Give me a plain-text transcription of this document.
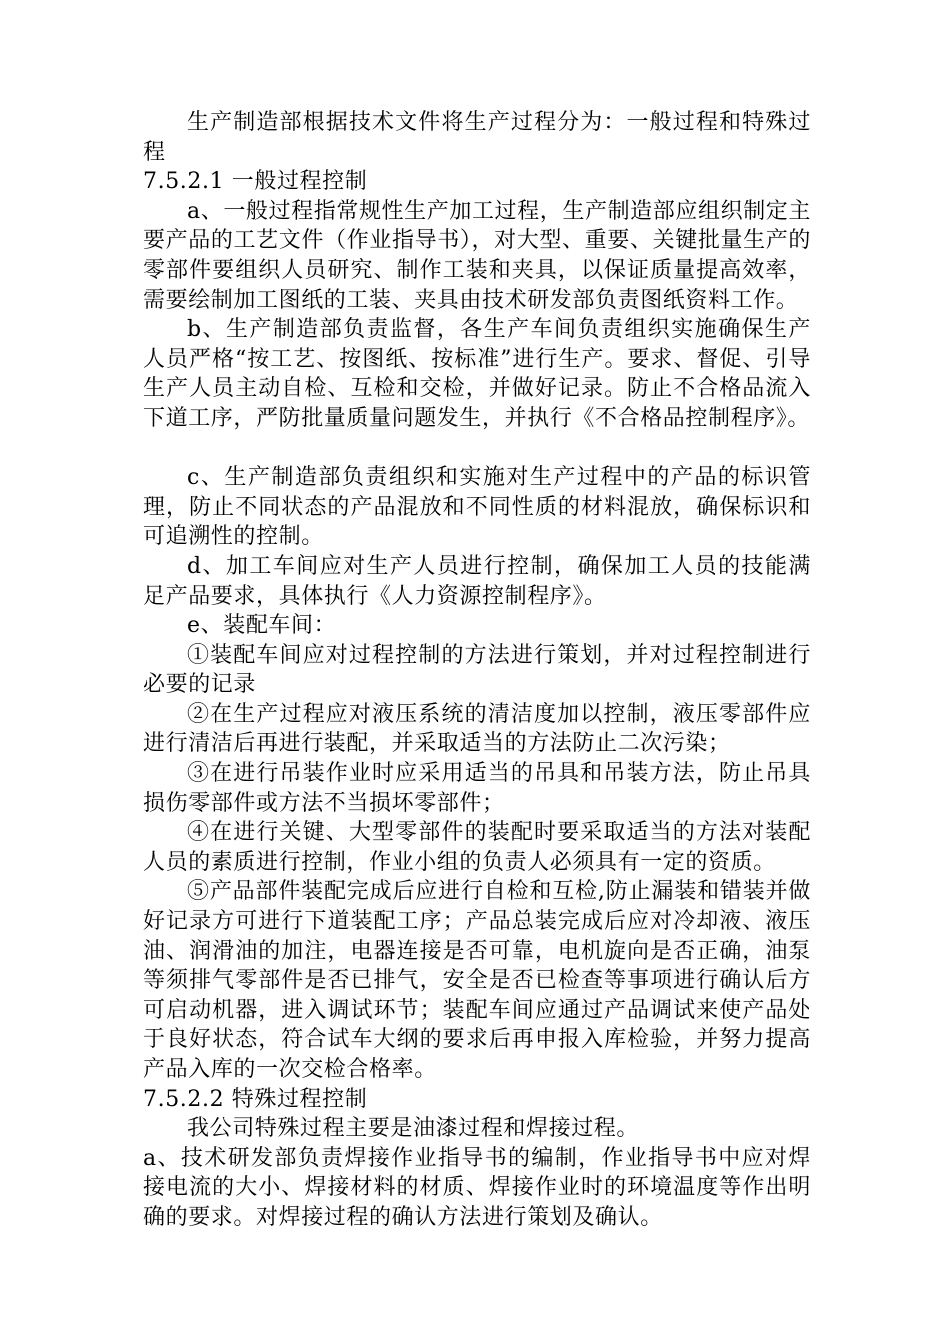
生产制造部根据技术文件将生产过程分为：一般过程和特殊过程

7.5.2.1 一般过程控制

a、一般过程指常规性生产加工过程，生产制造部应组织制定主要产品的工艺文件（作业指导书），对大型、重要、关键批量生产的零部件要组织人员研究、制作工装和夹具，以保证质量提高效率，需要绘制加工图纸的工装、夹具由技术研发部负责图纸资料工作。

b、生产制造部负责监督，各生产车间负责组织实施确保生产人员严格“按工艺、按图纸、按标准”进行生产。要求、督促、引导生产人员主动自检、互检和交检，并做好记录。防止不合格品流入下道工序，严防批量质量问题发生，并执行《不合格品控制程序》。

c、生产制造部负责组织和实施对生产过程中的产品的标识管理，防止不同状态的产品混放和不同性质的材料混放，确保标识和可追溯性的控制。

d、加工车间应对生产人员进行控制，确保加工人员的技能满足产品要求，具体执行《人力资源控制程序》。

e、装配车间：

①装配车间应对过程控制的方法进行策划，并对过程控制进行必要的记录

②在生产过程应对液压系统的清洁度加以控制，液压零部件应进行清洁后再进行装配，并采取适当的方法防止二次污染；

③在进行吊装作业时应采用适当的吊具和吊装方法，防止吊具损伤零部件或方法不当损坏零部件；

④在进行关键、大型零部件的装配时要采取适当的方法对装配人员的素质进行控制，作业小组的负责人必须具有一定的资质。

⑤产品部件装配完成后应进行自检和互检,防止漏装和错装并做好记录方可进行下道装配工序；产品总装完成后应对冷却液、液压油、润滑油的加注，电器连接是否可靠，电机旋向是否正确，油泵等须排气零部件是否已排气，安全是否已检查等事项进行确认后方可启动机器，进入调试环节；装配车间应通过产品调试来使产品处于良好状态，符合试车大纲的要求后再申报入库检验，并努力提高产品入库的一次交检合格率。

7.5.2.2 特殊过程控制

我公司特殊过程主要是油漆过程和焊接过程。

a、技术研发部负责焊接作业指导书的编制，作业指导书中应对焊接电流的大小、焊接材料的材质、焊接作业时的环境温度等作出明确的要求。对焊接过程的确认方法进行策划及确认。
